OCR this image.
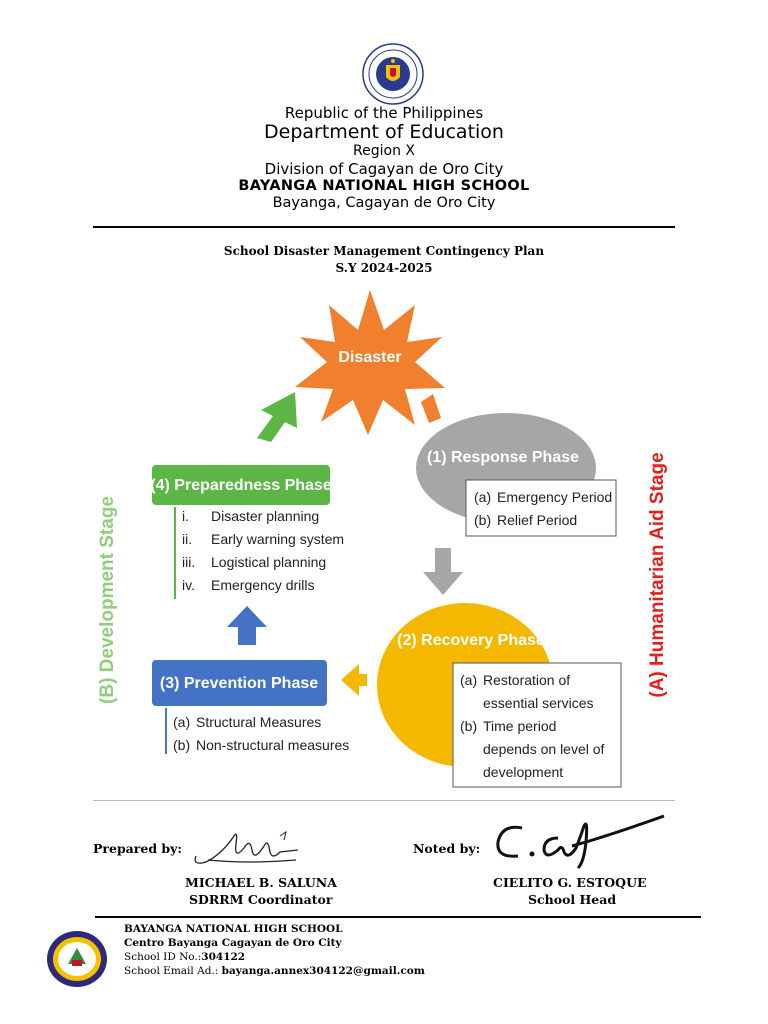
Republic of the Philippines
Department of Education
Region X
Division of Cagayan de Oro City
BAYANGA NATIONAL HIGH SCHOOL
Bayanga, Cagayan de Oro City
School Disaster Management Contingency Plan
S.Y 2024-2025
Disaster
(1) Response Phase
(a) Emergency Period (b) Relief Period
(2) Recovery Phase
(a) Restoration of essential services (b) Time period depends on level of development
(3) Prevention Phase
(a) Structural Measures (b) Non-structural measures
(4) Preparedness Phase
i. Disaster planning ii. Early warning system iii. Logistical planning iv. Emergency drills	(A) Humanitarian Aid Stage
(B) Development Stage
Prepared by:	Noted by:
MICHAEL B. SALUNA
SDRRM Coordinator
CIELITO G. ESTOQUE
School Head
BAYANGA NATIONAL HIGH SCHOOL
Centro Bayanga Cagayan de Oro City
School ID No.:304122
School Email Ad.: bayanga.annex304122@gmail.com
